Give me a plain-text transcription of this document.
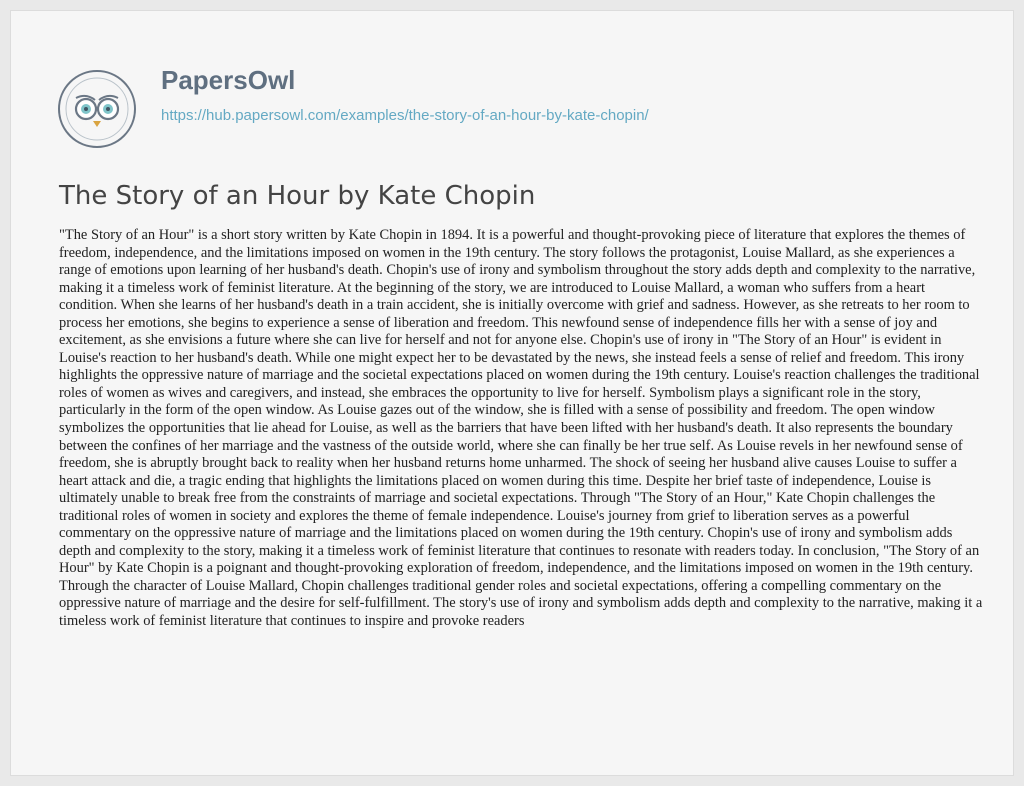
PapersOwl
https://hub.papersowl.com/examples/the-story-of-an-hour-by-kate-chopin/
The Story of an Hour by Kate Chopin

"The Story of an Hour" is a short story written by Kate Chopin in 1894. It is a powerful and thought-provoking piece of literature that explores the themes of freedom, independence, and the limitations imposed on women in the 19th century. The story follows the protagonist, Louise Mallard, as she experiences a range of emotions upon learning of her husband's death. Chopin's use of irony and symbolism throughout the story adds depth and complexity to the narrative, making it a timeless work of feminist literature. At the beginning of the story, we are introduced to Louise Mallard, a woman who suffers from a heart condition. When she learns of her husband's death in a train accident, she is initially overcome with grief and sadness. However, as she retreats to her room to process her emotions, she begins to experience a sense of liberation and freedom. This newfound sense of independence fills her with a sense of joy and excitement, as she envisions a future where she can live for herself and not for anyone else. Chopin's use of irony in "The Story of an Hour" is evident in Louise's reaction to her husband's death. While one might expect her to be devastated by the news, she instead feels a sense of relief and freedom. This irony highlights the oppressive nature of marriage and the societal expectations placed on women during the 19th century. Louise's reaction challenges the traditional roles of women as wives and caregivers, and instead, she embraces the opportunity to live for herself. Symbolism plays a significant role in the story, particularly in the form of the open window. As Louise gazes out of the window, she is filled with a sense of possibility and freedom. The open window symbolizes the opportunities that lie ahead for Louise, as well as the barriers that have been lifted with her husband's death. It also represents the boundary between the confines of her marriage and the vastness of the outside world, where she can finally be her true self. As Louise revels in her newfound sense of freedom, she is abruptly brought back to reality when her husband returns home unharmed. The shock of seeing her husband alive causes Louise to suffer a heart attack and die, a tragic ending that highlights the limitations placed on women during this time. Despite her brief taste of independence, Louise is ultimately unable to break free from the constraints of marriage and societal expectations. Through "The Story of an Hour," Kate Chopin challenges the traditional roles of women in society and explores the theme of female independence. Louise's journey from grief to liberation serves as a powerful commentary on the oppressive nature of marriage and the limitations placed on women during the 19th century. Chopin's use of irony and symbolism adds depth and complexity to the story, making it a timeless work of feminist literature that continues to resonate with readers today. In conclusion, "The Story of an Hour" by Kate Chopin is a poignant and thought-provoking exploration of freedom, independence, and the limitations imposed on women in the 19th century. Through the character of Louise Mallard, Chopin challenges traditional gender roles and societal expectations, offering a compelling commentary on the oppressive nature of marriage and the desire for self-fulfillment. The story's use of irony and symbolism adds depth and complexity to the narrative, making it a timeless work of feminist literature that continues to inspire and provoke readers
